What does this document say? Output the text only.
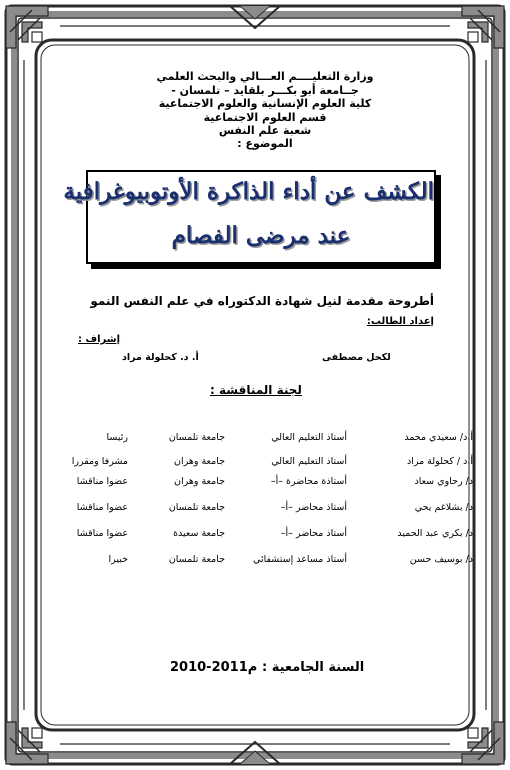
وزارة التعليــــم العـــالي والبحث العلمي
جــامعة أبو بكـــر بلقايد – تلمسان -
كلية العلوم الإنسانية والعلوم الاجتماعية
قسم العلوم الاجتماعية
شعبة علم النفس
الموضوع :
الكشف عن أداء الذاكرة الأوتوبيوغرافية
عند مرضى الفصام
أطروحة مقدمة لنيل شهادة الدكتوراه في علم النفس النمو
إعداد الطالب:
إشراف :
لكحل مصطفى
أ. د. كحلولة مراد
لجنة المناقشة :
أ.د/ سعيدي محمد
أستاذ التعليم العالي
جامعة تلمسان
رئيسا
أ.د / كحلولة مراد
أستاذ التعليم العالي
جامعة وهران
مشرفا ومقررا
د/ رحاوي سعاد
أستاذة محاضرة –أ–
جامعة وهران
عضوا مناقشا
د/ بشلاغم يحي
أستاذ محاضر –أ–
جامعة تلمسان
عضوا مناقشا
د/ بكري عبد الحميد
أستاذ محاضر –أ–
جامعة سعيدة
عضوا مناقشا
د/ بوسيف حسن
أستاذ مساعد إستشفائي
جامعة تلمسان
خبيرا
السنة الجامعية :
2010-2011م
